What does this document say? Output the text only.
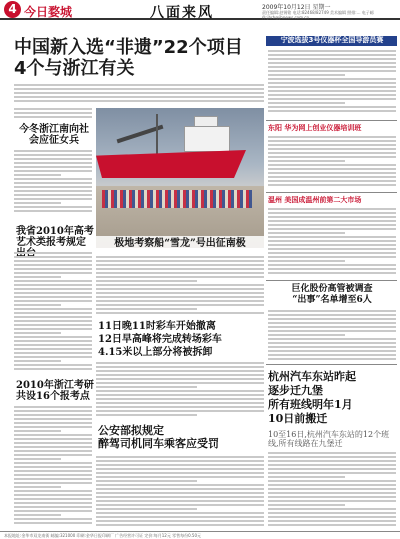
4 今日婺城	八面来风	2009年10月12日 星期一
责任编辑:赵锡铭 电话:82468/82749 美术编辑 照排:... 电子邮件:jhrb@jhnews.com.cn
中国新入选“非遗”22个项目
4个与浙江有关
今冬浙江南向社会应征女兵
我省2010年高考艺术类报考规定
2010年浙江考研共设16个报考点
极地考察船“雪龙”号出征南极
11日晚11时彩车开始撤离
12日早高峰将完成转场彩车
4.15米以上部分将被拆卸
公安部拟规定
醉驾司机同车乘客应受罚
宁波选拔3号仪器杯全国导游员赛
东阳 华为网上创业仪器培训班
温州 美国成温州前第二大市场
巨化股份高管被调查
“出事”名单增至6人
杭州汽车东站昨起
逐步迁九堡
所有班线明年1月
10日前搬迁
10至16日,杭州汽车东站的12个班线,所有线路在九堡迁
本报地址:金华市双龙南街 邮编:321000 印刷:金华日报印刷厂 广告经营许可证 定价:每月12元 零售每份0.50元
